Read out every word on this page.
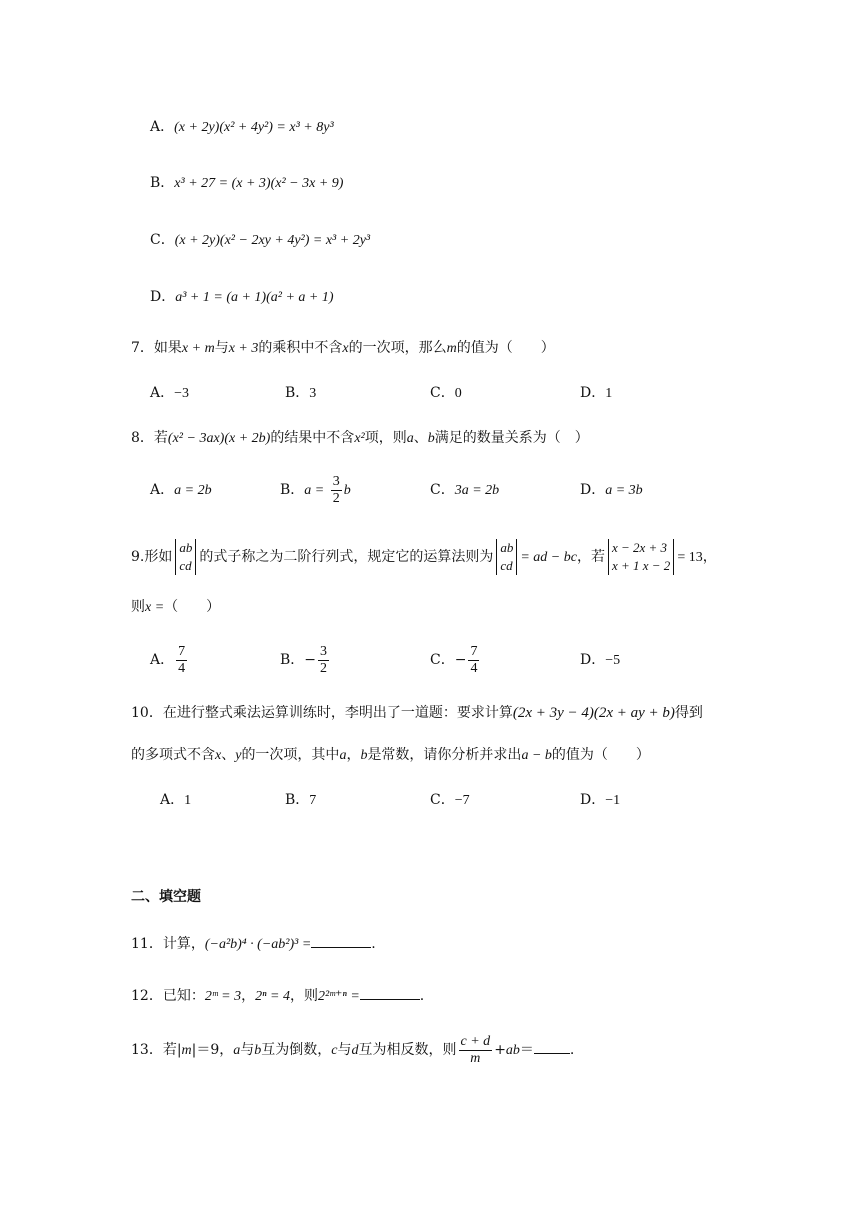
A．(x + 2y)(x² + 4y²) = x³ + 8y³
B．x³ + 27 = (x + 3)(x² − 3x + 9)
C．(x + 2y)(x² − 2xy + 4y²) = x³ + 2y³
D．a³ + 1 = (a + 1)(a² + a + 1)
7．如果x + m与x + 3的乘积中不含x的一次项，那么m的值为（　　）
A．−3	B．3	C．0	D．1
8．若(x² − 3ax)(x + 2b)的结果中不含x²项，则a、b满足的数量关系为（　）
A．a = 2b	B．$a = \frac{3}{2}$ b	C．3a = 2b	D．a = 3b
9.形如
ab
cd
的式子称之为二阶行列式，规定它的运算法则为
ab
cd
= ad − bc，若
x − 2x + 3
x + 1 x − 2
= 13，
则x =（　　）
A． $\frac{7}{4}$	B．− $\frac{3}{2}$	C．− $\frac{7}{4}$	D．−5
10．在进行整式乘法运算训练时，李明出了一道题：要求计算(2x + 3y − 4)(2x + ay + b)得到
的多项式不含x、y的一次项，其中a，b是常数，请你分析并求出a − b的值为（　　）
A．1	B．7	C．−7	D．−1
二、填空题
11．计算，(−a²b)⁴ · (−ab²)³ =	.
12．已知：2ᵐ = 3，2ⁿ = 4，则2²ᵐ⁺ⁿ =	.
13．若|m|＝9，a与b互为倒数，c与d互为相反数，则 $\frac{c + d}{m} +ab=$	.
